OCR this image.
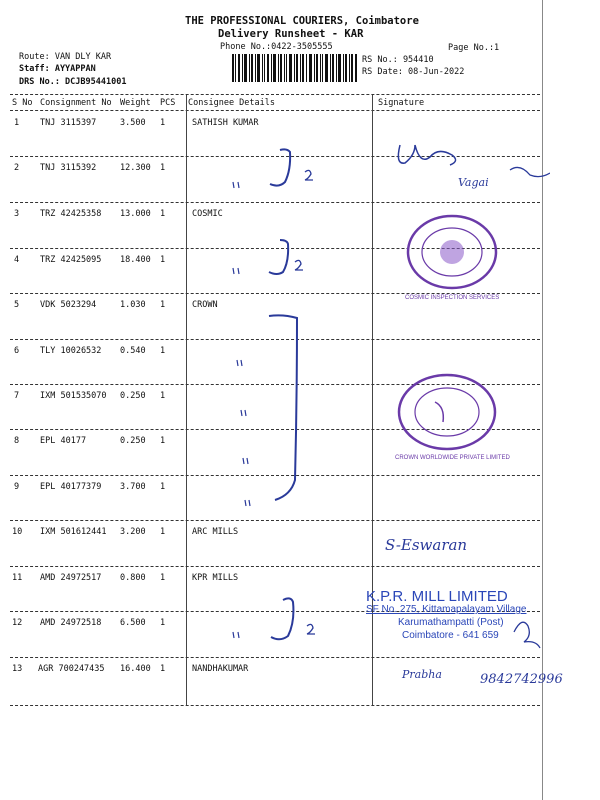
THE PROFESSIONAL COURIERS, Coimbatore
Delivery Runsheet - KAR
Phone No.:0422-3505555	Page No.:1
Route: VAN DLY KAR
Staff: AYYAPPAN
DRS No.: DCJB95441001
RS No.: 954410
RS Date: 08-Jun-2022
S No Consignment No Weight PCS Consignee Details	Signature
1 TNJ 3115397	3.500 1	SATHISH KUMAR
2 TNJ 3115392	12.300 1
3 TRZ 42425358 13.000 1	COSMIC
4 TRZ 42425095 18.400 1
5 VDK 5023294	1.030 1	CROWN
6 TLY 10026532 0.540 1
7 IXM 501535070 0.250 1
8 EPL 40177	0.250 1
9 EPL 40177379 3.700 1
10 IXM 501612441 3.200 1	ARC MILLS
11 AMD 24972517 0.800 1	KPR MILLS
12 AMD 24972518 6.500 1
13 AGR 700247435 16.400 1	NANDHAKUMAR
Vagai
COSMIC INSPECTION SERVICES
CROWN WORLDWIDE PRIVATE LIMITED
S-Eswaran
K.P.R. MILL LIMITED
SF No. 275, Kittamapalayam Village
Karumathampatti (Post)
Coimbatore - 641 659
Prabha	9842742996
